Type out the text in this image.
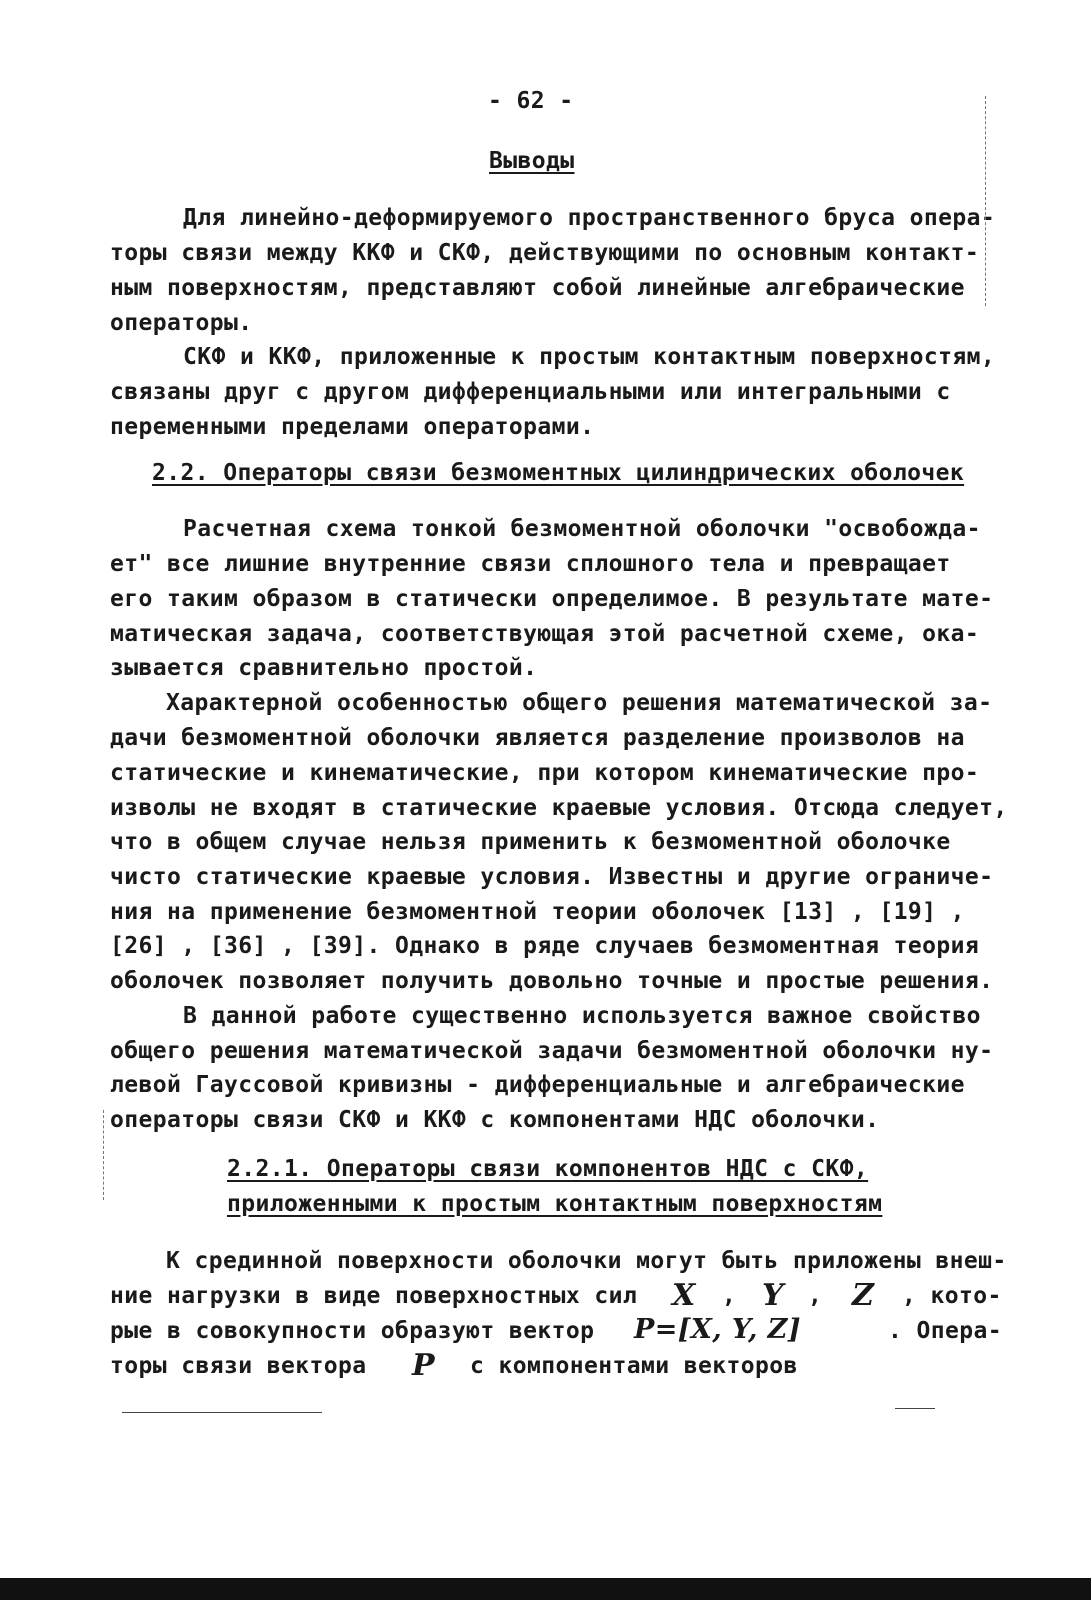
- 62 -
Выводы
Для линейно-деформируемого пространственного бруса опера-
торы связи между ККФ и СКФ, действующими по основным контакт-
ным поверхностям, представляют собой линейные алгебраические
операторы.
СКФ и ККФ, приложенные к простым контактным поверхностям,
связаны друг с другом дифференциальными или интегральными с
переменными пределами операторами.
2.2. Операторы связи безмоментных цилиндрических оболочек
Расчетная схема тонкой безмоментной оболочки "освобожда-
ет" все лишние внутренние связи сплошного тела и превращает
его таким образом в статически определимое. В результате мате-
матическая задача, соответствующая этой расчетной схеме, ока-
зывается сравнительно простой.
Характерной особенностью общего решения математической за-
дачи безмоментной оболочки является разделение произволов на
статические и кинематические, при котором кинематические про-
изволы не входят в статические краевые условия. Отсюда следует,
что в общем случае нельзя применить к безмоментной оболочке
чисто статические краевые условия. Известны и другие ограниче-
ния на применение безмоментной теории оболочек [13] , [19] ,
[26] , [36] , [39]. Однако в ряде случаев безмоментная теория
оболочек позволяет получить довольно точные и простые решения.
В данной работе существенно используется важное свойство
общего решения математической задачи безмоментной оболочки ну-
левой Гауссовой кривизны - дифференциальные и алгебраические
операторы связи СКФ и ККФ с компонентами НДС оболочки.
2.2.1. Операторы связи компонентов НДС с СКФ,
приложенными к простым контактным поверхностям
К срединной поверхности оболочки могут быть приложены внеш-
ние нагрузки в виде поверхностных сил X , Y , Z , кото-
рые в совокупности образуют вектор P=[X, Y, Z]	. Опера-
торы связи вектора P с компонентами векторов
